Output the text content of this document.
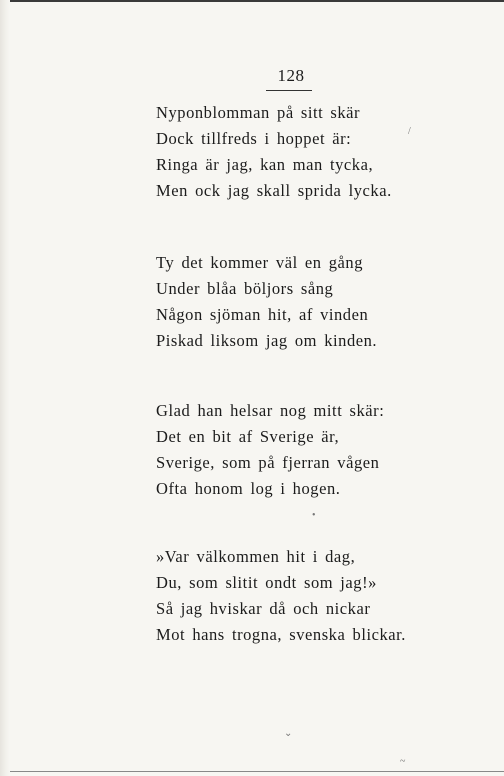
128
Nyponblomman på sitt skär
Dock tillfreds i hoppet är:
Ringa är jag, kan man tycka,
Men ock jag skall sprida lycka.
Ty det kommer väl en gång
Under blåa böljors sång
Någon sjöman hit, af vinden
Piskad liksom jag om kinden.
Glad han helsar nog mitt skär:
Det en bit af Sverige är,
Sverige, som på fjerran vågen
Ofta honom log i hogen.
»Var välkommen hit i dag,
Du, som slitit ondt som jag!»
Så jag hviskar då och nickar
Mot hans trogna, svenska blickar.
/
•
⌄
~
